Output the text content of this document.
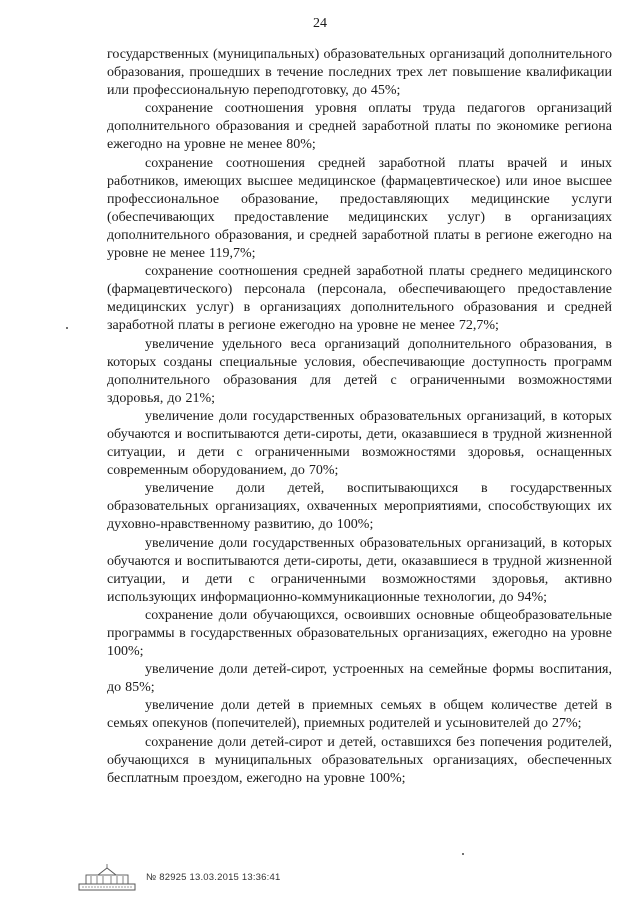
24

государственных (муниципальных) образовательных организаций дополнительного образования, прошедших в течение последних трех лет повышение квалификации или профессиональную переподготовку, до 45%;

сохранение соотношения уровня оплаты труда педагогов организаций дополнительного образования и средней заработной платы по экономике региона ежегодно на уровне не менее 80%;

сохранение соотношения средней заработной платы врачей и иных работников, имеющих высшее медицинское (фармацевтическое) или иное высшее профессиональное образование, предоставляющих медицинские услуги (обеспечивающих предоставление медицинских услуг) в организациях дополнительного образования, и средней заработной платы в регионе ежегодно на уровне не менее 119,7%;

сохранение соотношения средней заработной платы среднего медицинского (фармацевтического) персонала (персонала, обеспечивающего предоставление медицинских услуг) в организациях дополнительного образования и средней заработной платы в регионе ежегодно на уровне не менее 72,7%;

увеличение удельного веса организаций дополнительного образования, в которых созданы специальные условия, обеспечивающие доступность программ дополнительного образования для детей с ограниченными возможностями здоровья, до 21%;

увеличение доли государственных образовательных организаций, в которых обучаются и воспитываются дети-сироты, дети, оказавшиеся в трудной жизненной ситуации, и дети с ограниченными возможностями здоровья, оснащенных современным оборудованием, до 70%;

увеличение доли детей, воспитывающихся в государственных образовательных организациях, охваченных мероприятиями, способствующих их духовно-нравственному развитию, до 100%;

увеличение доли государственных образовательных организаций, в которых обучаются и воспитываются дети-сироты, дети, оказавшиеся в трудной жизненной ситуации, и дети с ограниченными возможностями здоровья, активно использующих информационно-коммуникационные технологии, до 94%;

сохранение доли обучающихся, освоивших основные общеобразовательные программы в государственных образовательных организациях, ежегодно на уровне 100%;

увеличение доли детей-сирот, устроенных на семейные формы воспитания, до 85%;

увеличение доли детей в приемных семьях в общем количестве детей в семьях опекунов (попечителей), приемных родителей и усыновителей до 27%;

сохранение доли детей-сирот и детей, оставшихся без попечения родителей, обучающихся в муниципальных образовательных организациях, обеспеченных бесплатным проездом, ежегодно на уровне 100%;

№ 82925 13.03.2015 13:36:41
